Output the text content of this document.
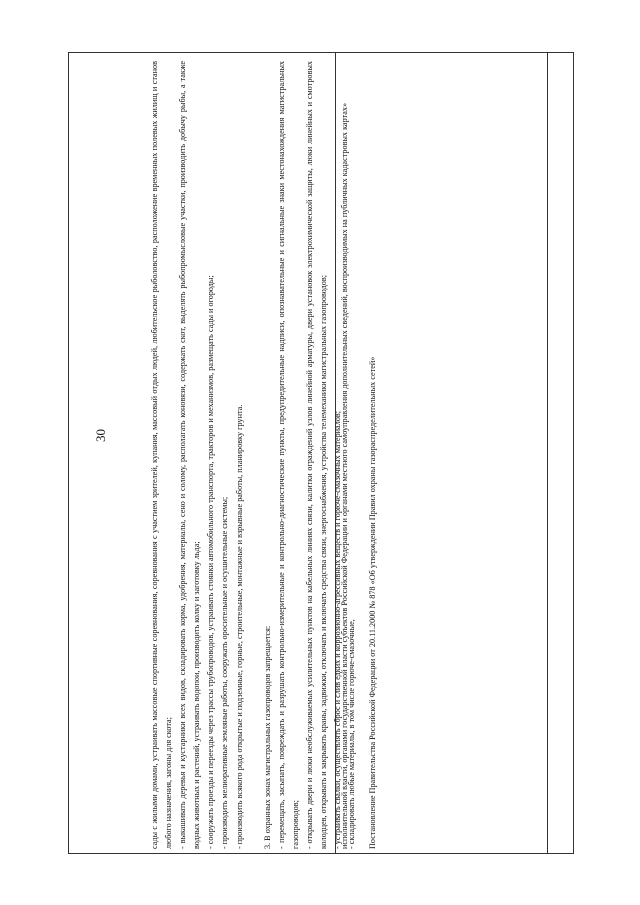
30	исполнительной власти, органами государственной власти субъектов Российской Федерации и органами местного самоуправления дополнительных сведений, воспроизводимых на публичных кадастровых картах»

	Постановление Правительства Российской Федерации от 20.11.2000 № 878 «Об утверждении Правил охраны газораспределительных сетей»

сады с жилыми домами, устраивать массовые спортивные соревнования, соревнования с участием зрителей, купания, массовый отдых людей, любительское рыболовство, расположение временных полевых жилищ и станов любого назначения, загоны для скота; - выкашивать деревья и кустарники всех видов, складировать корма, удобрения, материалы, сено и солому, располагать коновязи, содержать скот, выделять рыбопромысловые участки, производить добычу рыбы, а также водных животных и растений, устраивать водопои, производить колку и заготовку льда; - сооружать проезды и переезды через трассы трубопроводов, устраивать стоянки автомобильного транспорта, тракторов и механизмов, размещать сады и огороды; - производить мелиоративные земляные работы, сооружать оросительные и осушительные системы; - производить всякого рода открытые и подземные, горные, строительные, монтажные и взрывные работы, планировку грунта.

	3. В охранных зонах магистральных газопроводов запрещается: - перемещать, засыпать, повреждать и разрушать контрольно-измерительные и контрольно-диагностические пункты, предупредительные надписи, опознавательные и сигнальные знаки местонахождения магистральных газопроводов; - открывать двери и люки необслуживаемых усилительных пунктов на кабельных линиях связи, калитки ограждений узлов линейной арматуры, двери установок электрохимической защиты, люки линейных и смотровых колодцев, открывать и закрывать краны, задвижки, отключать и включать средства связи, энергоснабжения, устройства телемеханики магистральных газопроводов; - устраивать свалки, осуществлять сброс и слив едких и коррозионно-агрессивных веществ и горюче-смазочных материалов; - складировать любые материалы, в том числе горюче-смазочные,
